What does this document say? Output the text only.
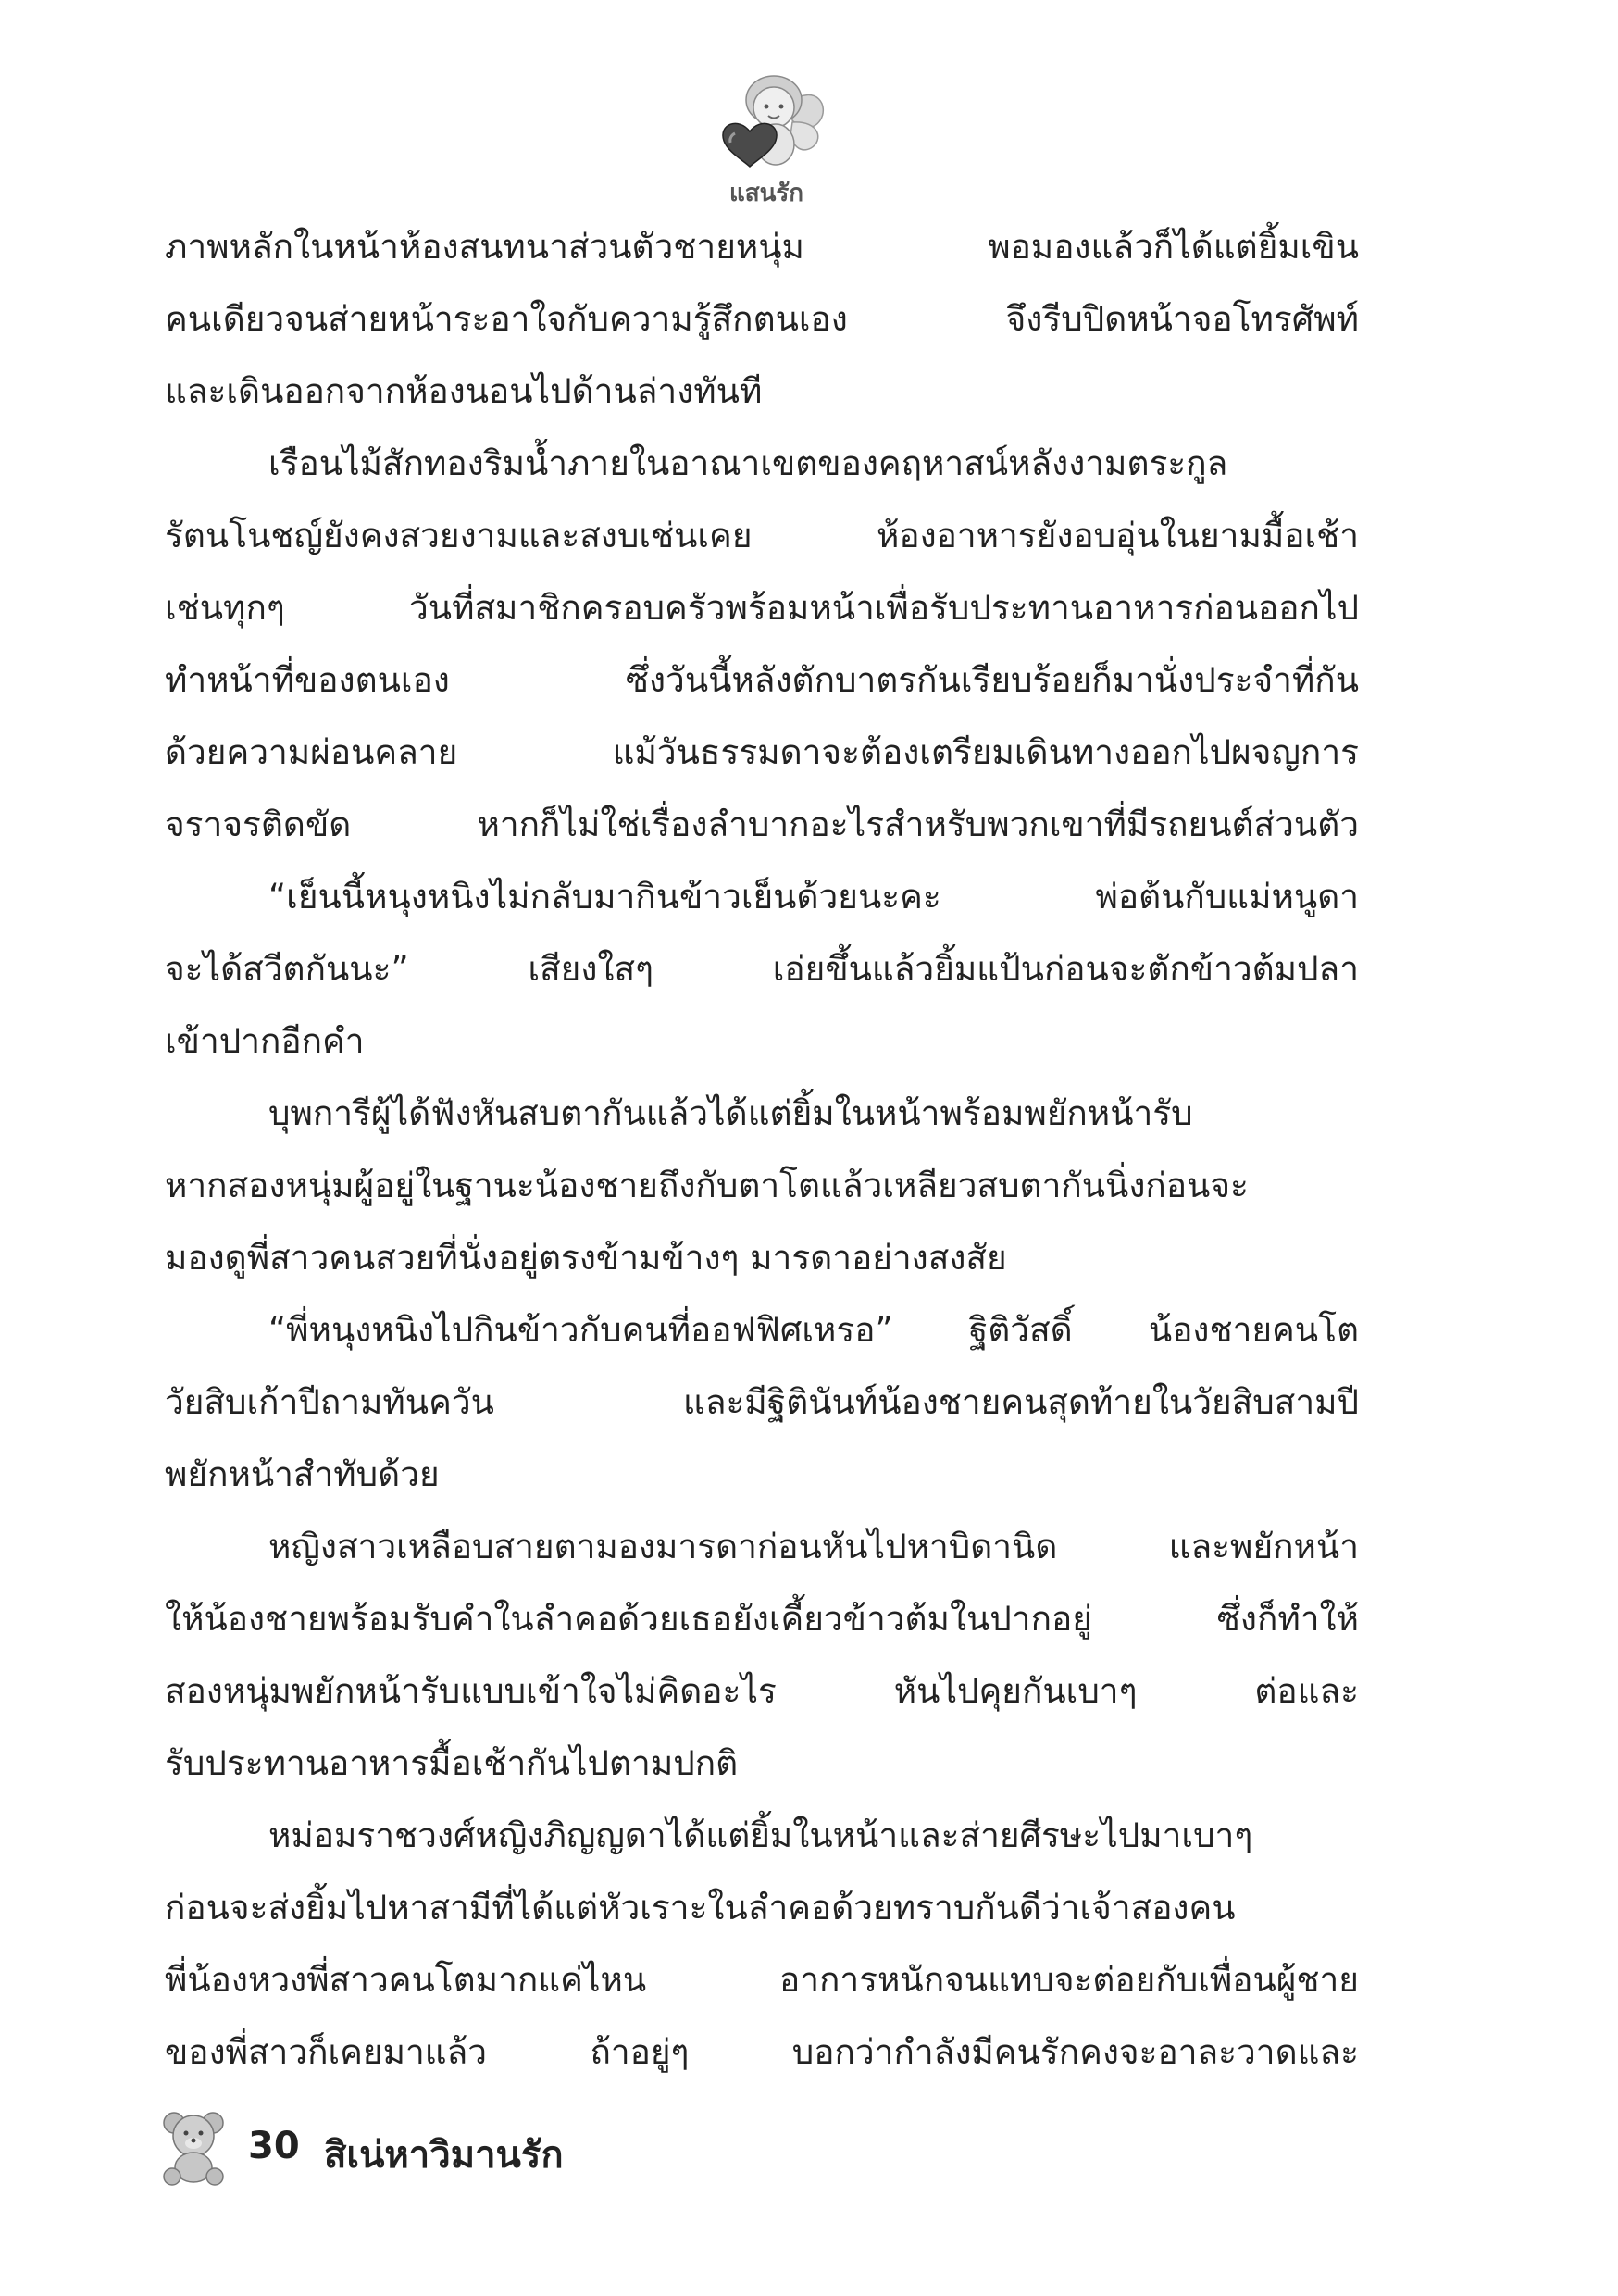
แสนรัก
ภาพหลักในหน้าห้องสนทนาส่วนตัวชายหนุ่ม พอมองแล้วก็ได้แต่ยิ้มเขิน
คนเดียวจนส่ายหน้าระอาใจกับความรู้สึกตนเอง จึงรีบปิดหน้าจอโทรศัพท์
และเดินออกจากห้องนอนไปด้านล่างทันที
เรือนไม้สักทองริมน้ำภายในอาณาเขตของคฤหาสน์หลังงามตระกูล
รัตนโนชญ์ยังคงสวยงามและสงบเช่นเคย ห้องอาหารยังอบอุ่นในยามมื้อเช้า
เช่นทุกๆ วันที่สมาชิกครอบครัวพร้อมหน้าเพื่อรับประทานอาหารก่อนออกไป
ทำหน้าที่ของตนเอง ซึ่งวันนี้หลังตักบาตรกันเรียบร้อยก็มานั่งประจำที่กัน
ด้วยความผ่อนคลาย แม้วันธรรมดาจะต้องเตรียมเดินทางออกไปผจญการ
จราจรติดขัด หากก็ไม่ใช่เรื่องลำบากอะไรสำหรับพวกเขาที่มีรถยนต์ส่วนตัว
“เย็นนี้หนุงหนิงไม่กลับมากินข้าวเย็นด้วยนะคะ พ่อต้นกับแม่หนูดา
จะได้สวีตกันนะ” เสียงใสๆ เอ่ยขึ้นแล้วยิ้มแป้นก่อนจะตักข้าวต้มปลา
เข้าปากอีกคำ
บุพการีผู้ได้ฟังหันสบตากันแล้วได้แต่ยิ้มในหน้าพร้อมพยักหน้ารับ
หากสองหนุ่มผู้อยู่ในฐานะน้องชายถึงกับตาโตแล้วเหลียวสบตากันนิ่งก่อนจะ
มองดูพี่สาวคนสวยที่นั่งอยู่ตรงข้ามข้างๆ มารดาอย่างสงสัย
“พี่หนุงหนิงไปกินข้าวกับคนที่ออฟฟิศเหรอ” ฐิติวัสดิ์ น้องชายคนโต
วัยสิบเก้าปีถามทันควัน และมีฐิตินันท์น้องชายคนสุดท้ายในวัยสิบสามปี
พยักหน้าสำทับด้วย
หญิงสาวเหลือบสายตามองมารดาก่อนหันไปหาบิดานิด และพยักหน้า
ให้น้องชายพร้อมรับคำในลำคอด้วยเธอยังเคี้ยวข้าวต้มในปากอยู่ ซึ่งก็ทำให้
สองหนุ่มพยักหน้ารับแบบเข้าใจไม่คิดอะไร หันไปคุยกันเบาๆ ต่อและ
รับประทานอาหารมื้อเช้ากันไปตามปกติ
หม่อมราชวงศ์หญิงภิญญดาได้แต่ยิ้มในหน้าและส่ายศีรษะไปมาเบาๆ
ก่อนจะส่งยิ้มไปหาสามีที่ได้แต่หัวเราะในลำคอด้วยทราบกันดีว่าเจ้าสองคน
พี่น้องหวงพี่สาวคนโตมากแค่ไหน อาการหนักจนแทบจะต่อยกับเพื่อนผู้ชาย
ของพี่สาวก็เคยมาแล้ว ถ้าอยู่ๆ บอกว่ากำลังมีคนรักคงจะอาละวาดและ
30 สิเน่หาวิมานรัก
